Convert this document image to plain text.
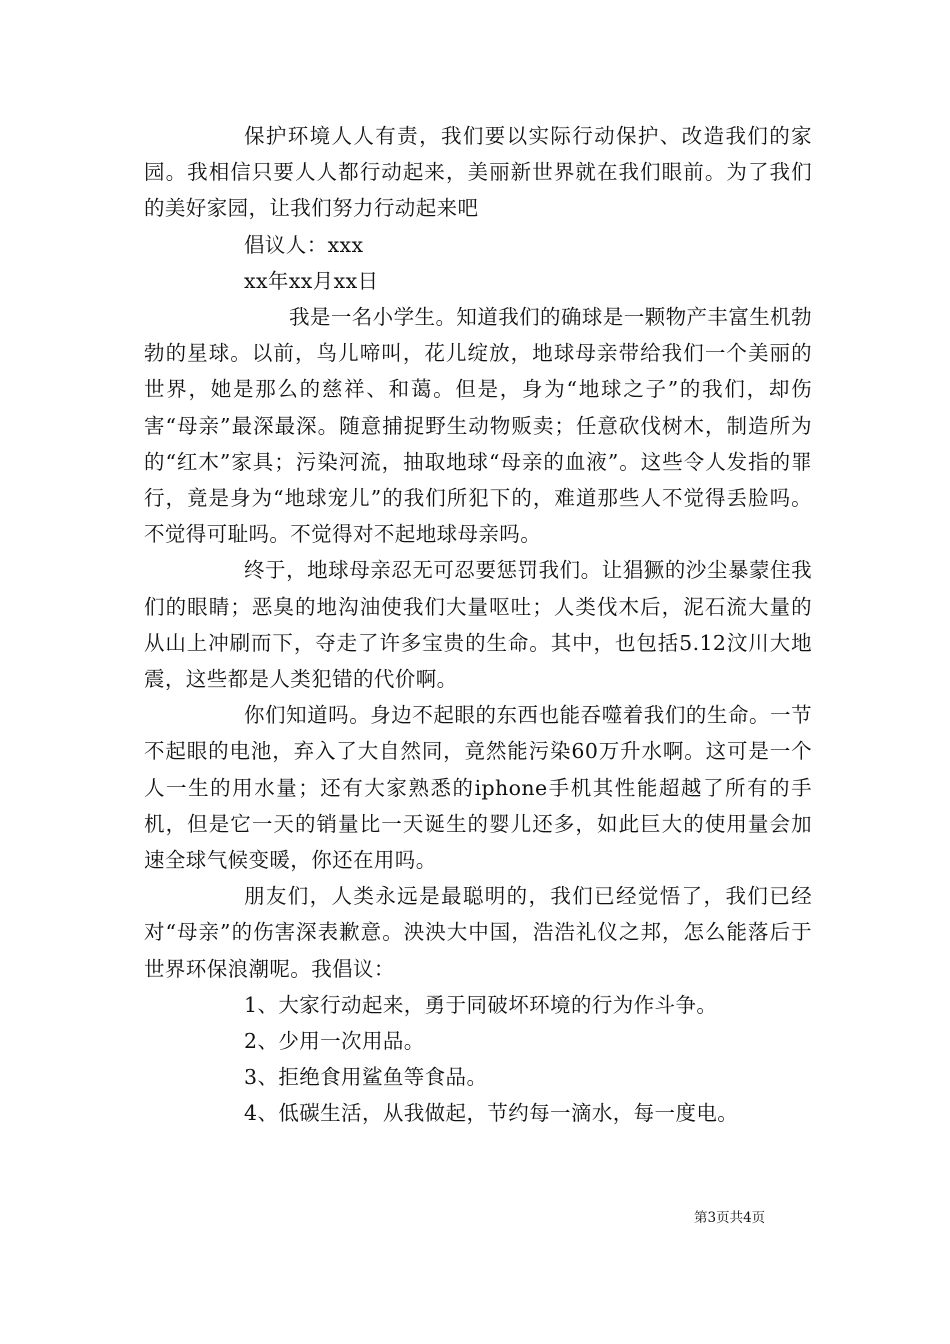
保护环境人人有责，我们要以实际行动保护、改造我们的家园。我相信只要人人都行动起来，美丽新世界就在我们眼前。为了我们的美好家园，让我们努力行动起来吧

倡议人：xxx

xx年xx月xx日

我是一名小学生。知道我们的确球是一颗物产丰富生机勃勃的星球。以前，鸟儿啼叫，花儿绽放，地球母亲带给我们一个美丽的世界，她是那么的慈祥、和蔼。但是，身为“地球之子”的我们，却伤害“母亲”最深最深。随意捕捉野生动物贩卖；任意砍伐树木，制造所为的“红木”家具；污染河流，抽取地球“母亲的血液”。这些令人发指的罪行，竟是身为“地球宠儿”的我们所犯下的，难道那些人不觉得丢脸吗。不觉得可耻吗。不觉得对不起地球母亲吗。

终于，地球母亲忍无可忍要惩罚我们。让猖獗的沙尘暴蒙住我们的眼睛；恶臭的地沟油使我们大量呕吐；人类伐木后，泥石流大量的从山上冲刷而下，夺走了许多宝贵的生命。其中，也包括5.12汶川大地震，这些都是人类犯错的代价啊。

你们知道吗。身边不起眼的东西也能吞噬着我们的生命。一节不起眼的电池，弃入了大自然同，竟然能污染60万升水啊。这可是一个人一生的用水量；还有大家熟悉的iphone手机其性能超越了所有的手机，但是它一天的销量比一天诞生的婴儿还多，如此巨大的使用量会加速全球气候变暖，你还在用吗。

朋友们，人类永远是最聪明的，我们已经觉悟了，我们已经对“母亲”的伤害深表歉意。泱泱大中国，浩浩礼仪之邦，怎么能落后于世界环保浪潮呢。我倡议：

1、大家行动起来，勇于同破坏环境的行为作斗争。

2、少用一次用品。

3、拒绝食用鲨鱼等食品。

4、低碳生活，从我做起，节约每一滴水，每一度电。

第3页共4页
